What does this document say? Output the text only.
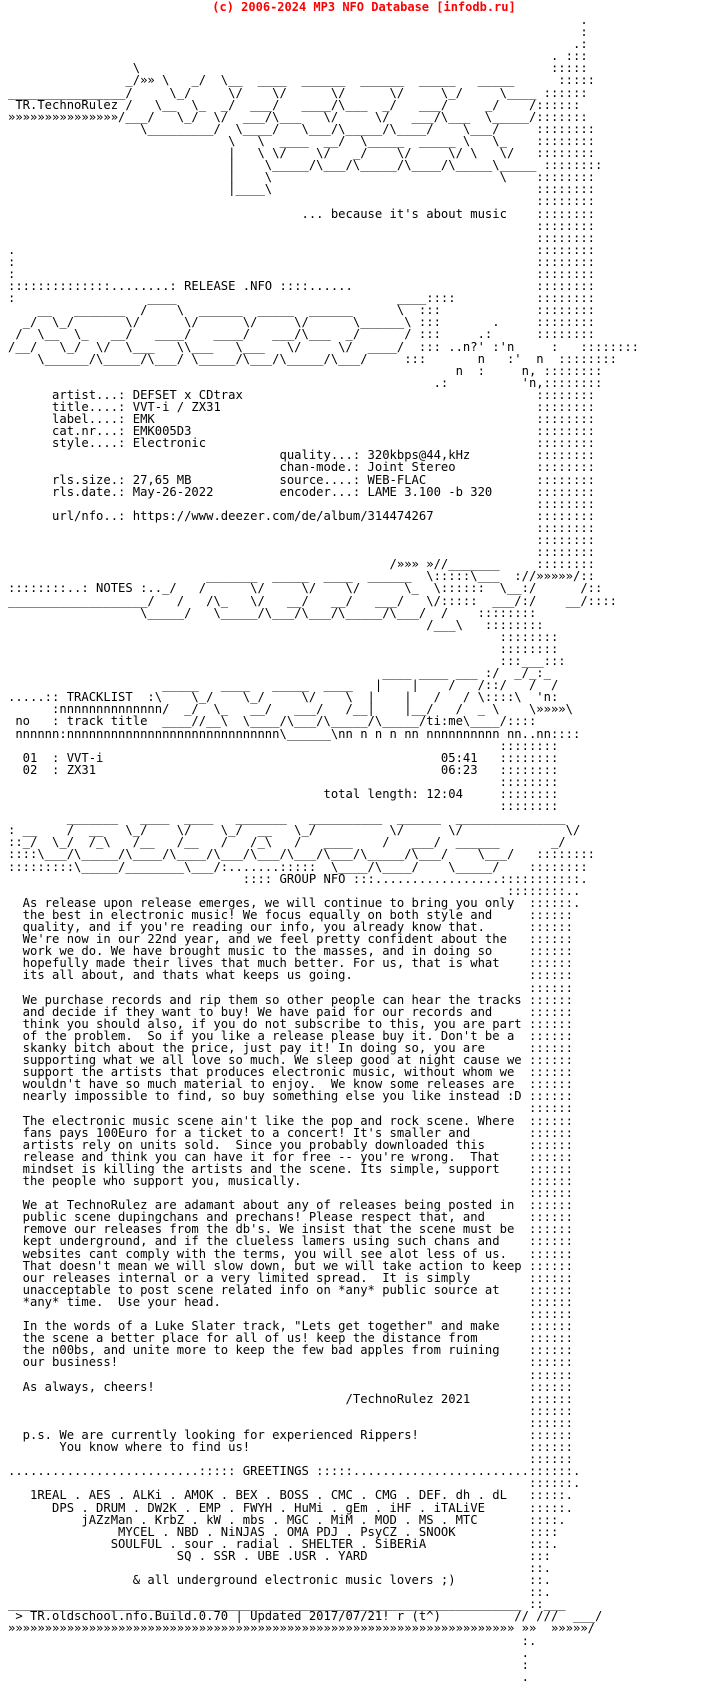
(c) 2006-2024 MP3 NFO Database [infodb.ru]
.
:
.:
. :::
\                                                        :::::
_/»» \   _/  \__  ____  ______  ______  _____   _____      :::::
________________/     \_/     \/    \/      \/      \/     \_/     \____ ::::::
TR.TechnoRulez /   \__  \_  _/  ___/   ____/\___  _/   ___/     _/    /::::::
»»»»»»»»»»»»»»»/___/   \_/  \/  ___/\___   \/     \/   ___/\___  \_____/:::::::
\_________/  \____/   \___/\_____/\____/    \___/     ::::::::
\   \  ____  __/  \_____  _____ \   \_    ::::::::
|   \ \/    \/   _/    \/     \/ \   \/   ::::::::
|    \_____/\___/\_____/\____/\_____\_____ ::::::::
|    \                               \    ::::::::
|____\                                    ::::::::
::::::::
... because it's about music    ::::::::
::::::::
::::::::
.                                                                       ::::::::
:                                                                       ::::::::
:                                                                       ::::::::
::::::::::::::........: RELEASE .NFO ::::......                         ::::::::
:                  ____                              ____::::           ::::::::
__   _______  /    \  ______  _____  ______      \  :::             ::::::::
_/  \_/       \/      \/      \/     \/      \______\ :::       .     ::::::::
/  \__  \_   __/   ____/   ____/   ___/\___  _/      / :::     .:      ::::::::
/__/   \_/  \/  \___   \\___   \___   \/     \/  ____/  ::: ..n?' :'n     :   ::::::::
\______/\_____/\___/ \_____/\___/\_____/\___/     :::       n   :'  n  ::::::::
n  :     n, ::::::::
.:          'n,::::::::
artist...: DEFSET x CDtrax                                        ::::::::
title....: VVT-i / ZX31                                           ::::::::
label....: EMK                                                    ::::::::
cat.nr...: EMK005D3                                               ::::::::
style....: Electronic                                             ::::::::
quality...: 320kbps@44,kHz         ::::::::
chan-mode.: Joint Stereo           ::::::::
rls.size.: 27,65 MB            source....: WEB-FLAC               ::::::::
rls.date.: May-26-2022         encoder...: LAME 3.100 -b 320      ::::::::
::::::::
url/nfo..: https://www.deezer.com/de/album/314474267              ::::::::
::::::::
::::::::
::::::::
/»»» »//_______     ::::::::
_______  _____  ____  ______  \:::::\___  ://»»»»»/::
::::::::..: NOTES :.._/   /      \/     \/    \/      \_  \::::::  \__:/      /::
___________________/   /   /\_   \/   __/   __/   ___/   \/:::::  ___/:/    __/::::
\_____/   \_____/\___/\___/\_____/\___/  /    ::::::::
/___\   ::::::::
::::::::
::::::::
:::___:::
____ ____ ___ :/  _/_:_
_____   ____   _____  ____   |    |    /   /::/   /  /
.....:: TRACKLIST  :\    \_/    \_/     \/    \  |    |   /   / \::::\  'n:
:nnnnnnnnnnnnnn/  _/  \_   __/   ___/   /__|    |__/   /  _ \    \»»»»\
no   : track title  ____//__\  \____/\___/\_____/\_____/ti:me\____/::::
nnnnnn:nnnnnnnnnnnnnnnnnnnnnnnnnnnnn\______\nn n n n nn nnnnnnnnnn nn..nn::::
::::::::
01  : VVT-i                                              05:41   ::::::::
02  : ZX31                                               06:23   ::::::::
::::::::
total length: 12:04     ::::::::
::::::::
_______   ____  ____   _______   __________  ______  _______________
: __    /  __   \_/    \/    \_/  __   \_/          \/      \/              \/
::_/  \_/  /_\   /__   /__   /   /_\   /   ____    /   ___/  ______       _/
::::\___/\_____/\____/\____/\___/\___/\___/\___/\_____/\___/    \___/   ::::::::
:::::::::\_____/________\___/:.......:::::  \____/\____/    \_____/    ::::::::
:::: GROUP NFO :::.................:::::::::::.
::::::::..
As release upon release emerges, we will continue to bring you only  ::::::.
the best in electronic music! We focus equally on both style and     ::::::
quality, and if you're reading our info, you already know that.      ::::::
We're now in our 22nd year, and we feel pretty confident about the   ::::::
work we do. We have brought music to the masses, and in doing so     ::::::
hopefully made their lives that much better. For us, that is what    ::::::
its all about, and thats what keeps us going.                        ::::::
::::::
We purchase records and rip them so other people can hear the tracks ::::::
and decide if they want to buy! We have paid for our records and     ::::::
think you should also, if you do not subscribe to this, you are part ::::::
of the problem.  So if you like a release please buy it. Don't be a  ::::::
skanky bitch about the price, just pay it! In doing so, you are      ::::::
supporting what we all love so much. We sleep good at night cause we ::::::
support the artists that produces electronic music, without whom we  ::::::
wouldn't have so much material to enjoy.  We know some releases are  ::::::
nearly impossible to find, so buy something else you like instead :D ::::::
::::::
The electronic music scene ain't like the pop and rock scene. Where  ::::::
fans pays 100Euro for a ticket to a concert! It's smaller and        ::::::
artists rely on units sold.  Since you probably downloaded this      ::::::
release and think you can have it for free -- you're wrong.  That    ::::::
mindset is killing the artists and the scene. Its simple, support    ::::::
the people who support you, musically.                               ::::::
::::::
We at TechnoRulez are adamant about any of releases being posted in  ::::::
public scene dupingchans and prechans! Please respect that, and      ::::::
remove our releases from the db's. We insist that the scene must be  ::::::
kept underground, and if the clueless lamers using such chans and    ::::::
websites cant comply with the terms, you will see alot less of us.   ::::::
That doesn't mean we will slow down, but we will take action to keep ::::::
our releases internal or a very limited spread.  It is simply        ::::::
unacceptable to post scene related info on *any* public source at    ::::::
*any* time.  Use your head.                                          ::::::
::::::
In the words of a Luke Slater track, "Lets get together" and make    ::::::
the scene a better place for all of us! keep the distance from       ::::::
the n00bs, and unite more to keep the few bad apples from ruining    ::::::
our business!                                                        ::::::
::::::
As always, cheers!                                                   ::::::
/TechnoRulez 2021        ::::::
::::::
::::::
p.s. We are currently looking for experienced Rippers!               ::::::
You know where to find us!                                      ::::::
::::::
..........................::::: GREETINGS :::::........................::::::.
::::::.
1REAL . AES . ALKi . AMOK . BEX . BOSS . CMC . CMG . DEF. dh . dL   :::::.
DPS . DRUM . DW2K . EMP . FWYH . HuMi . gEm . iHF . iTALiVE      :::::.
jAZzMan . KrbZ . kW . mbs . MGC . MiM . MOD . MS . MTC       ::::.
MYCEL . NBD . NiNJAS . OMA PDJ . PsyCZ . SNOOK          ::::
SOULFUL . sour . radial . SHELTER . SiBERiA              :::.
SQ . SSR . UBE .USR . YARD                      :::
::.
& all underground electronic music lovers ;)          ::.
::.
______________________________________________________________________ ::___
> TR.oldschool.nfo.Build.0.70 | Updated 2017/07/21! r (t^)          // ///  ___/
»»»»»»»»»»»»»»»»»»»»»»»»»»»»»»»»»»»»»»»»»»»»»»»»»»»»»»»»»»»»»»»»»»»»» »»  »»»»»/
:.
.
:
.
